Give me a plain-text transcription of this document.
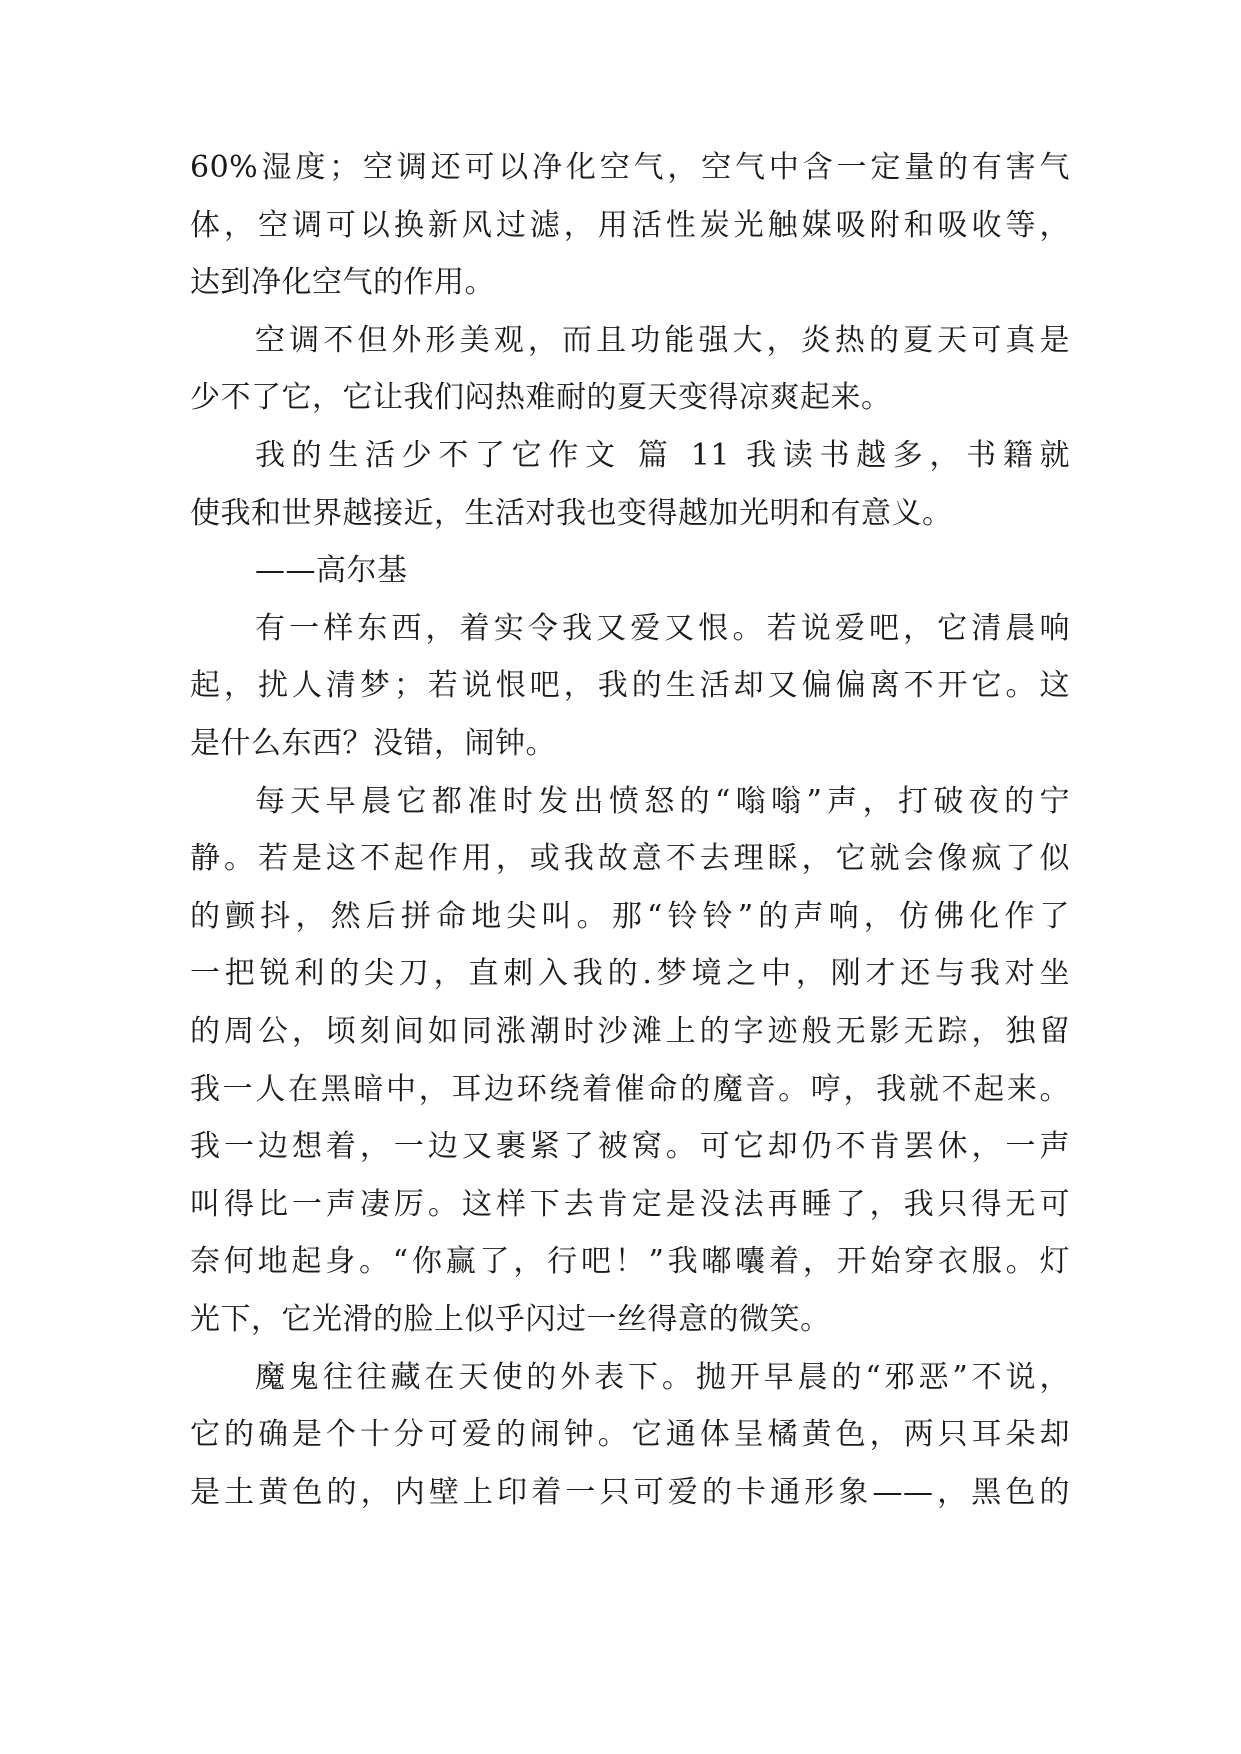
60%湿度；空调还可以净化空气，空气中含一定量的有害气
体，空调可以换新风过滤，用活性炭光触媒吸附和吸收等，
达到净化空气的作用。
空调不但外形美观，而且功能强大，炎热的夏天可真是
少不了它，它让我们闷热难耐的夏天变得凉爽起来。
我的生活少不了它作文 篇 11 我读书越多，书籍就
使我和世界越接近，生活对我也变得越加光明和有意义。
——高尔基
有一样东西，着实令我又爱又恨。若说爱吧，它清晨响
起，扰人清梦；若说恨吧，我的生活却又偏偏离不开它。这
是什么东西？没错，闹钟。
每天早晨它都准时发出愤怒的“嗡嗡”声，打破夜的宁
静。若是这不起作用，或我故意不去理睬，它就会像疯了似
的颤抖，然后拼命地尖叫。那“铃铃”的声响，仿佛化作了
一把锐利的尖刀，直刺入我的.梦境之中，刚才还与我对坐
的周公，顷刻间如同涨潮时沙滩上的字迹般无影无踪，独留
我一人在黑暗中，耳边环绕着催命的魔音。哼，我就不起来。
我一边想着，一边又裹紧了被窝。可它却仍不肯罢休，一声
叫得比一声凄厉。这样下去肯定是没法再睡了，我只得无可
奈何地起身。“你赢了，行吧！”我嘟囔着，开始穿衣服。灯
光下，它光滑的脸上似乎闪过一丝得意的微笑。
魔鬼往往藏在天使的外表下。抛开早晨的“邪恶”不说，
它的确是个十分可爱的闹钟。它通体呈橘黄色，两只耳朵却
是土黄色的，内壁上印着一只可爱的卡通形象——，黑色的
